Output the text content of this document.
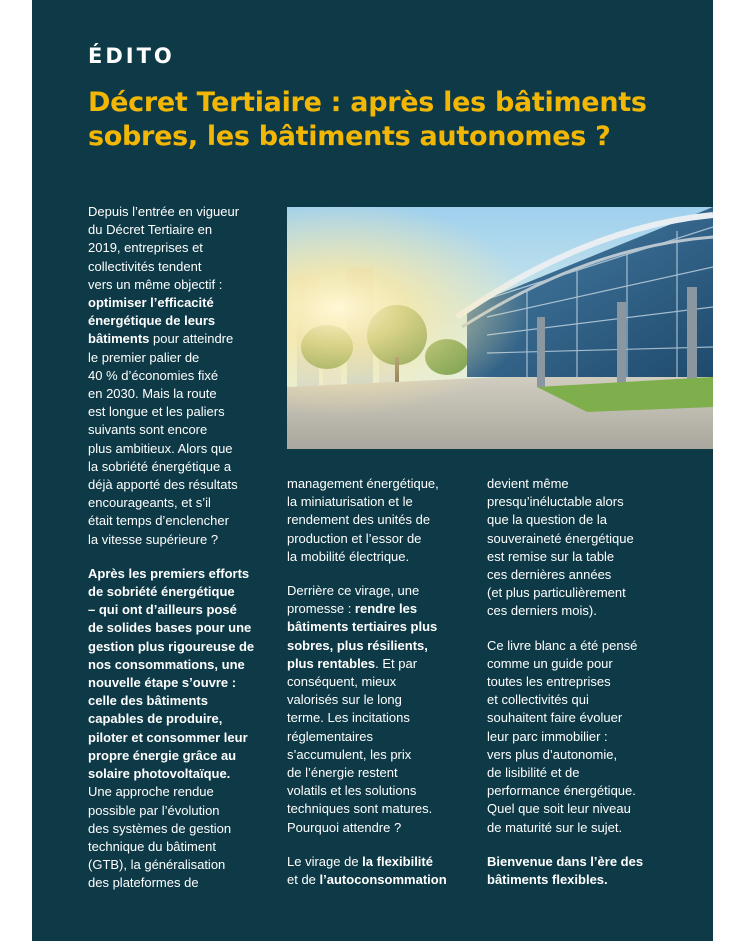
ÉDITO
Décret Tertiaire : après les bâtiments
sobres, les bâtiments autonomes ?

Depuis l’entrée en vigueur
du Décret Tertiaire en
2019, entreprises et
collectivités tendent
vers un même objectif :
optimiser l’efficacité
énergétique de leurs
bâtiments pour atteindre
le premier palier de
40 % d’économies fixé
en 2030. Mais la route
est longue et les paliers
suivants sont encore
plus ambitieux. Alors que
la sobriété énergétique a
déjà apporté des résultats
encourageants, et s’il
était temps d’enclencher
la vitesse supérieure ?

Après les premiers efforts
de sobriété énergétique
– qui ont d’ailleurs posé
de solides bases pour une
gestion plus rigoureuse de
nos consommations, une
nouvelle étape s’ouvre :
celle des bâtiments
capables de produire,
piloter et consommer leur
propre énergie grâce au
solaire photovoltaïque.
Une approche rendue
possible par l’évolution
des systèmes de gestion
technique du bâtiment
(GTB), la généralisation
des plateformes de

management énergétique,
la miniaturisation et le
rendement des unités de
production et l’essor de
la mobilité électrique.

Derrière ce virage, une
promesse : rendre les
bâtiments tertiaires plus
sobres, plus résilients,
plus rentables. Et par
conséquent, mieux
valorisés sur le long
terme. Les incitations
réglementaires
s’accumulent, les prix
de l’énergie restent
volatils et les solutions
techniques sont matures.
Pourquoi attendre ?

Le virage de la flexibilité
et de l’autoconsommation

devient même
presqu’inéluctable alors
que la question de la
souveraineté énergétique
est remise sur la table
ces dernières années
(et plus particulièrement
ces derniers mois).

Ce livre blanc a été pensé
comme un guide pour
toutes les entreprises
et collectivités qui
souhaitent faire évoluer
leur parc immobilier :
vers plus d’autonomie,
de lisibilité et de
performance énergétique.
Quel que soit leur niveau
de maturité sur le sujet.

Bienvenue dans l’ère des
bâtiments flexibles.
